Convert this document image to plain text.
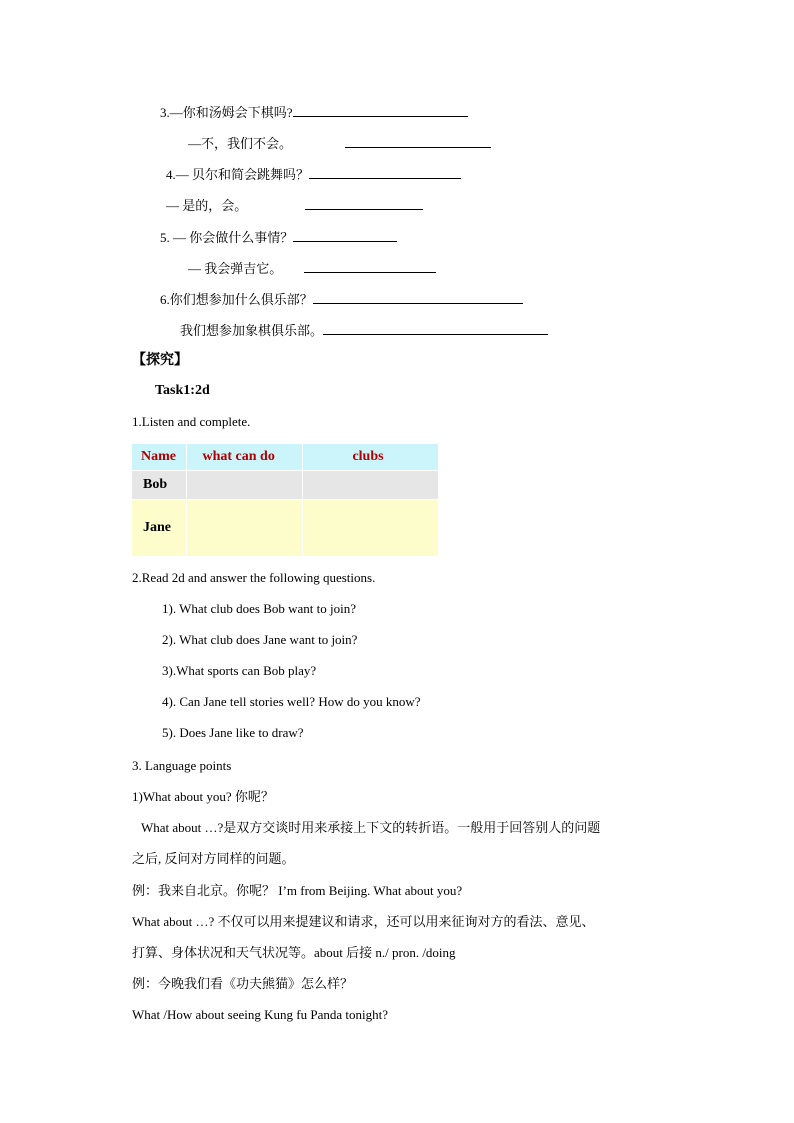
3.—你和汤姆会下棋吗?
—不，我们不会。
4.— 贝尔和简会跳舞吗？
— 是的，会。
5. — 你会做什么事情？
— 我会弹吉它。
6.你们想参加什么俱乐部？
我们想参加象棋俱乐部。
【探究】
Task1:2d
1.Listen and complete.
Name	what can do	clubs
Bob		
Jane		
2.Read 2d and answer the following questions.
1). What club does Bob want to join?
2). What club does Jane want to join?
3).What sports can Bob play?
4). Can Jane tell stories well? How do you know?
5). Does Jane like to draw?
3. Language points
1)What about you? 你呢？
What about …?是双方交谈时用来承接上下文的转折语。一般用于回答别人的问题
之后, 反问对方同样的问题。
例：我来自北京。你呢？ I’m from Beijing. What about you?
What about …? 不仅可以用来提建议和请求，还可以用来征询对方的看法、意见、
打算、身体状况和天气状况等。about 后接 n./ pron. /doing
例：今晚我们看《功夫熊猫》怎么样？
What /How about seeing Kung fu Panda tonight?
